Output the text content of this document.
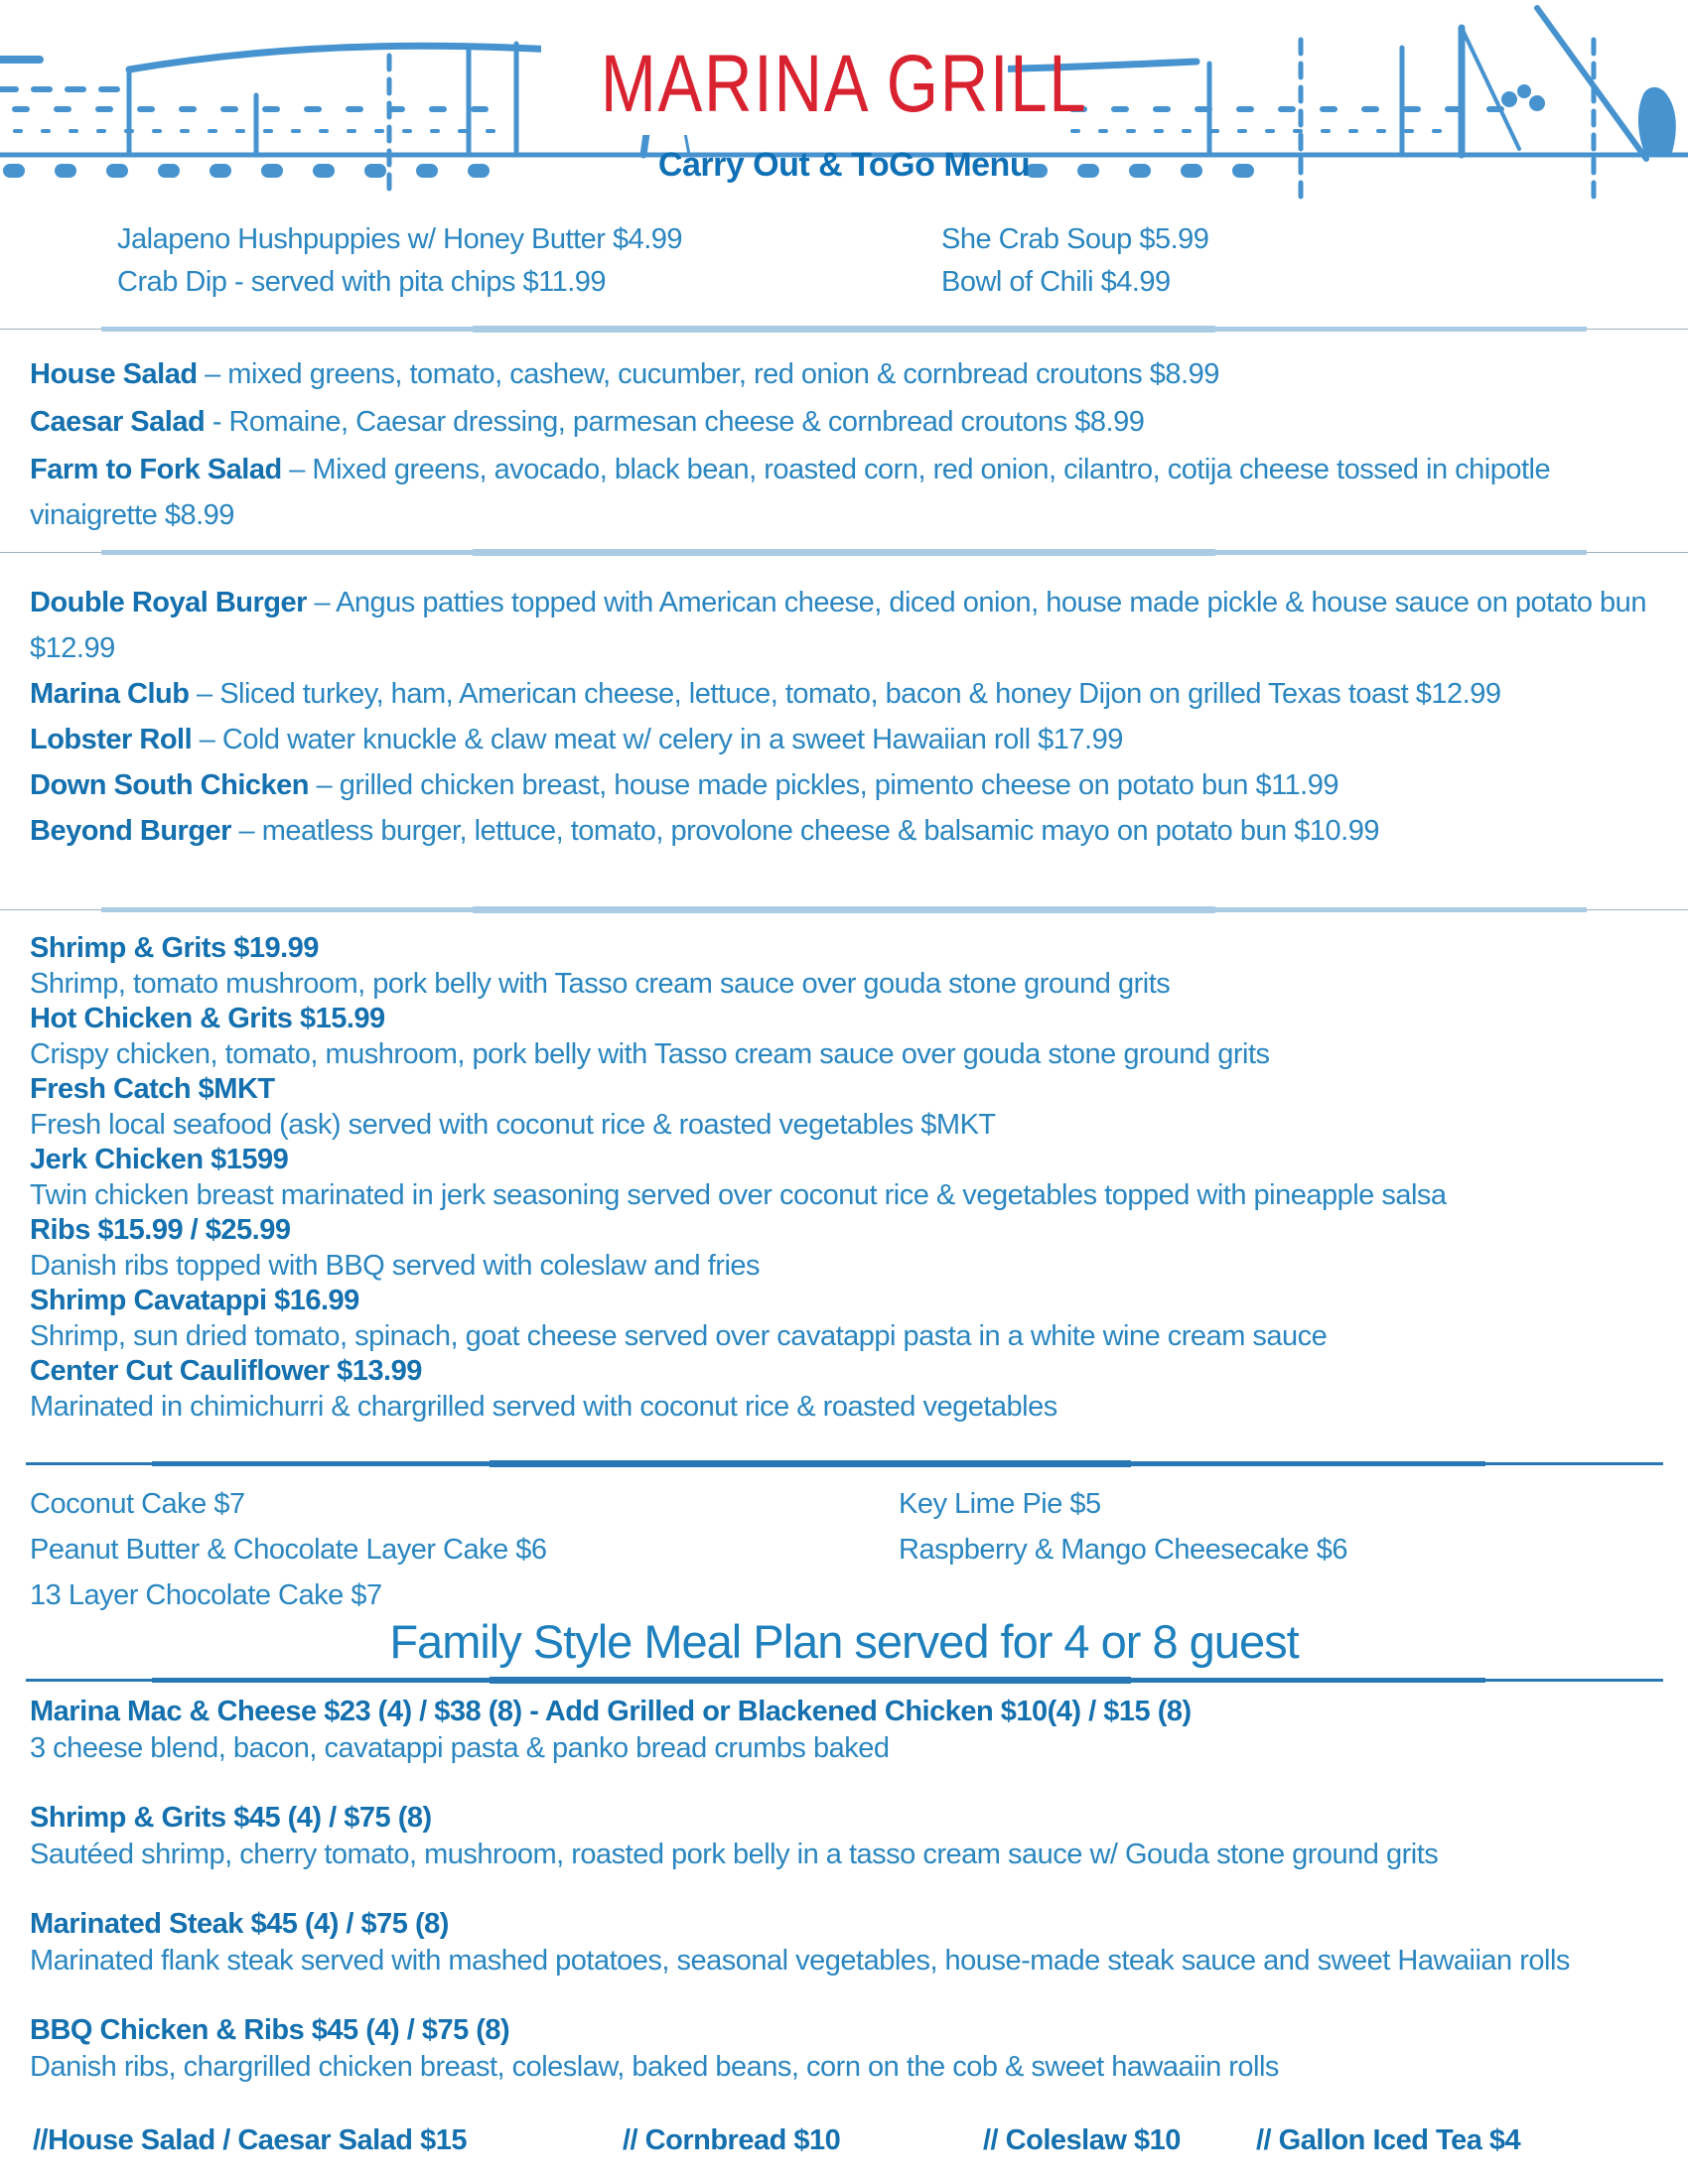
MARINA GRILL
Carry Out & ToGo Menu
Jalapeno Hushpuppies w/ Honey Butter $4.99	She Crab Soup $5.99
Crab Dip - served with pita chips $11.99	Bowl of Chili $4.99
House Salad – mixed greens, tomato, cashew, cucumber, red onion & cornbread croutons $8.99
Caesar Salad - Romaine, Caesar dressing, parmesan cheese & cornbread croutons $8.99
Farm to Fork Salad – Mixed greens, avocado, black bean, roasted corn, red onion, cilantro, cotija cheese tossed in chipotle vinaigrette $8.99
Double Royal Burger – Angus patties topped with American cheese, diced onion, house made pickle & house sauce on potato bun $12.99
Marina Club – Sliced turkey, ham, American cheese, lettuce, tomato, bacon & honey Dijon on grilled Texas toast $12.99
Lobster Roll – Cold water knuckle & claw meat w/ celery in a sweet Hawaiian roll $17.99
Down South Chicken – grilled chicken breast, house made pickles, pimento cheese on potato bun $11.99
Beyond Burger – meatless burger, lettuce, tomato, provolone cheese & balsamic mayo on potato bun $10.99
Shrimp & Grits $19.99
Shrimp, tomato mushroom, pork belly with Tasso cream sauce over gouda stone ground grits
Hot Chicken & Grits $15.99
Crispy chicken, tomato, mushroom, pork belly with Tasso cream sauce over gouda stone ground grits
Fresh Catch $MKT
Fresh local seafood (ask) served with coconut rice & roasted vegetables $MKT
Jerk Chicken $1599
Twin chicken breast marinated in jerk seasoning served over coconut rice & vegetables topped with pineapple salsa
Ribs $15.99 / $25.99
Danish ribs topped with BBQ served with coleslaw and fries
Shrimp Cavatappi $16.99
Shrimp, sun dried tomato, spinach, goat cheese served over cavatappi pasta in a white wine cream sauce
Center Cut Cauliflower $13.99
Marinated in chimichurri & chargrilled served with coconut rice & roasted vegetables
Coconut Cake $7
Peanut Butter & Chocolate Layer Cake $6
13 Layer Chocolate Cake $7
Key Lime Pie $5
Raspberry & Mango Cheesecake $6
Family Style Meal Plan served for 4 or 8 guest
Marina Mac & Cheese $23 (4) / $38 (8) - Add Grilled or Blackened Chicken $10(4) / $15 (8)
3 cheese blend, bacon, cavatappi pasta & panko bread crumbs baked
Shrimp & Grits $45 (4) / $75 (8)
Sautéed shrimp, cherry tomato, mushroom, roasted pork belly in a tasso cream sauce w/ Gouda stone ground grits
Marinated Steak $45 (4) / $75 (8)
Marinated flank steak served with mashed potatoes, seasonal vegetables, house-made steak sauce and sweet Hawaiian rolls
BBQ Chicken & Ribs $45 (4) / $75 (8)
Danish ribs, chargrilled chicken breast, coleslaw, baked beans, corn on the cob & sweet hawaaiin rolls
//House Salad / Caesar Salad $15	// Cornbread $10	// Coleslaw $10	// Gallon Iced Tea $4
